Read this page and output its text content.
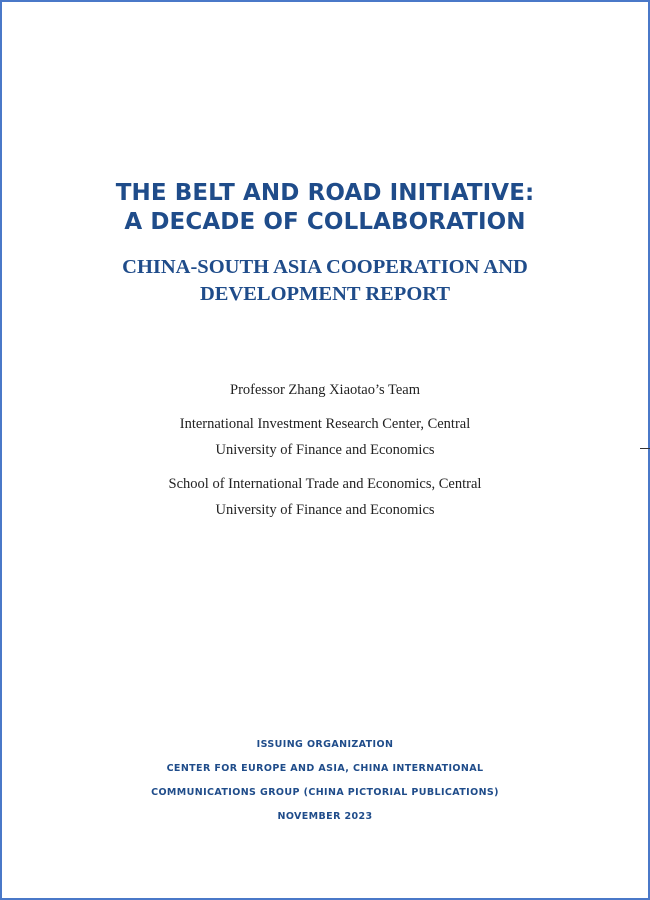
THE BELT AND ROAD INITIATIVE:
A DECADE OF COLLABORATION
CHINA-SOUTH ASIA COOPERATION AND
DEVELOPMENT REPORT

Professor Zhang Xiaotao’s Team

International Investment Research Center, Central

University of Finance and Economics

School of International Trade and Economics, Central

University of Finance and Economics

ISSUING ORGANIZATION

CENTER FOR EUROPE AND ASIA, CHINA INTERNATIONAL

COMMUNICATIONS GROUP (CHINA PICTORIAL PUBLICATIONS)

NOVEMBER 2023
